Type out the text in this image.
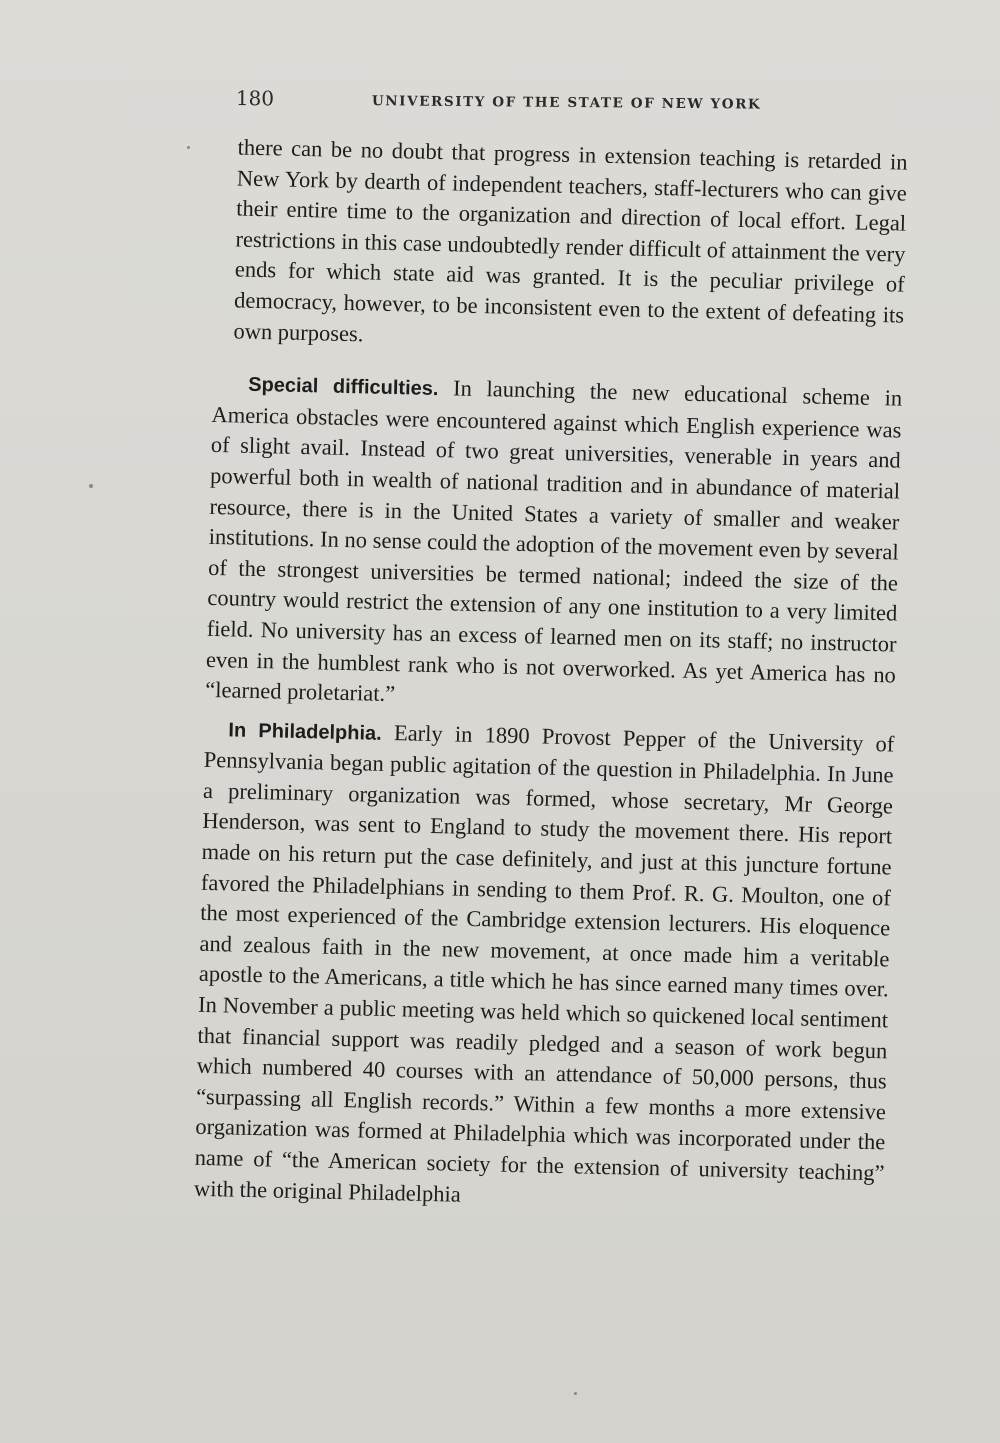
180	UNIVERSITY OF THE STATE OF NEW YORK

there can be no doubt that progress in extension teaching is retarded in New York by dearth of independent teachers, staff-lecturers who can give their entire time to the organization and direction of local effort. Legal restrictions in this case undoubtedly render difficult of attainment the very ends for which state aid was granted. It is the peculiar privilege of democracy, however, to be inconsistent even to the extent of defeating its own purposes.

Special difficulties. In launching the new educational scheme in America obstacles were encountered against which English experience was of slight avail. Instead of two great universities, venerable in years and powerful both in wealth of national tradition and in abundance of material resource, there is in the United States a variety of smaller and weaker institutions. In no sense could the adoption of the movement even by several of the strongest universities be termed national; indeed the size of the country would restrict the extension of any one institution to a very limited field. No university has an excess of learned men on its staff; no instructor even in the humblest rank who is not overworked. As yet America has no “learned proletariat.”

In Philadelphia. Early in 1890 Provost Pepper of the University of Pennsylvania began public agitation of the question in Philadelphia. In June a preliminary organization was formed, whose secretary, Mr George Henderson, was sent to England to study the movement there. His report made on his return put the case definitely, and just at this juncture fortune favored the Philadelphians in sending to them Prof. R. G. Moulton, one of the most experienced of the Cambridge extension lecturers. His eloquence and zealous faith in the new movement, at once made him a veritable apostle to the Americans, a title which he has since earned many times over. In November a public meeting was held which so quickened local sentiment that financial support was readily pledged and a season of work begun which numbered 40 courses with an attendance of 50,000 persons, thus “surpassing all English records.” Within a few months a more extensive organization was formed at Philadelphia which was incorporated under the name of “the American society for the extension of university teaching” with the original Philadelphia
